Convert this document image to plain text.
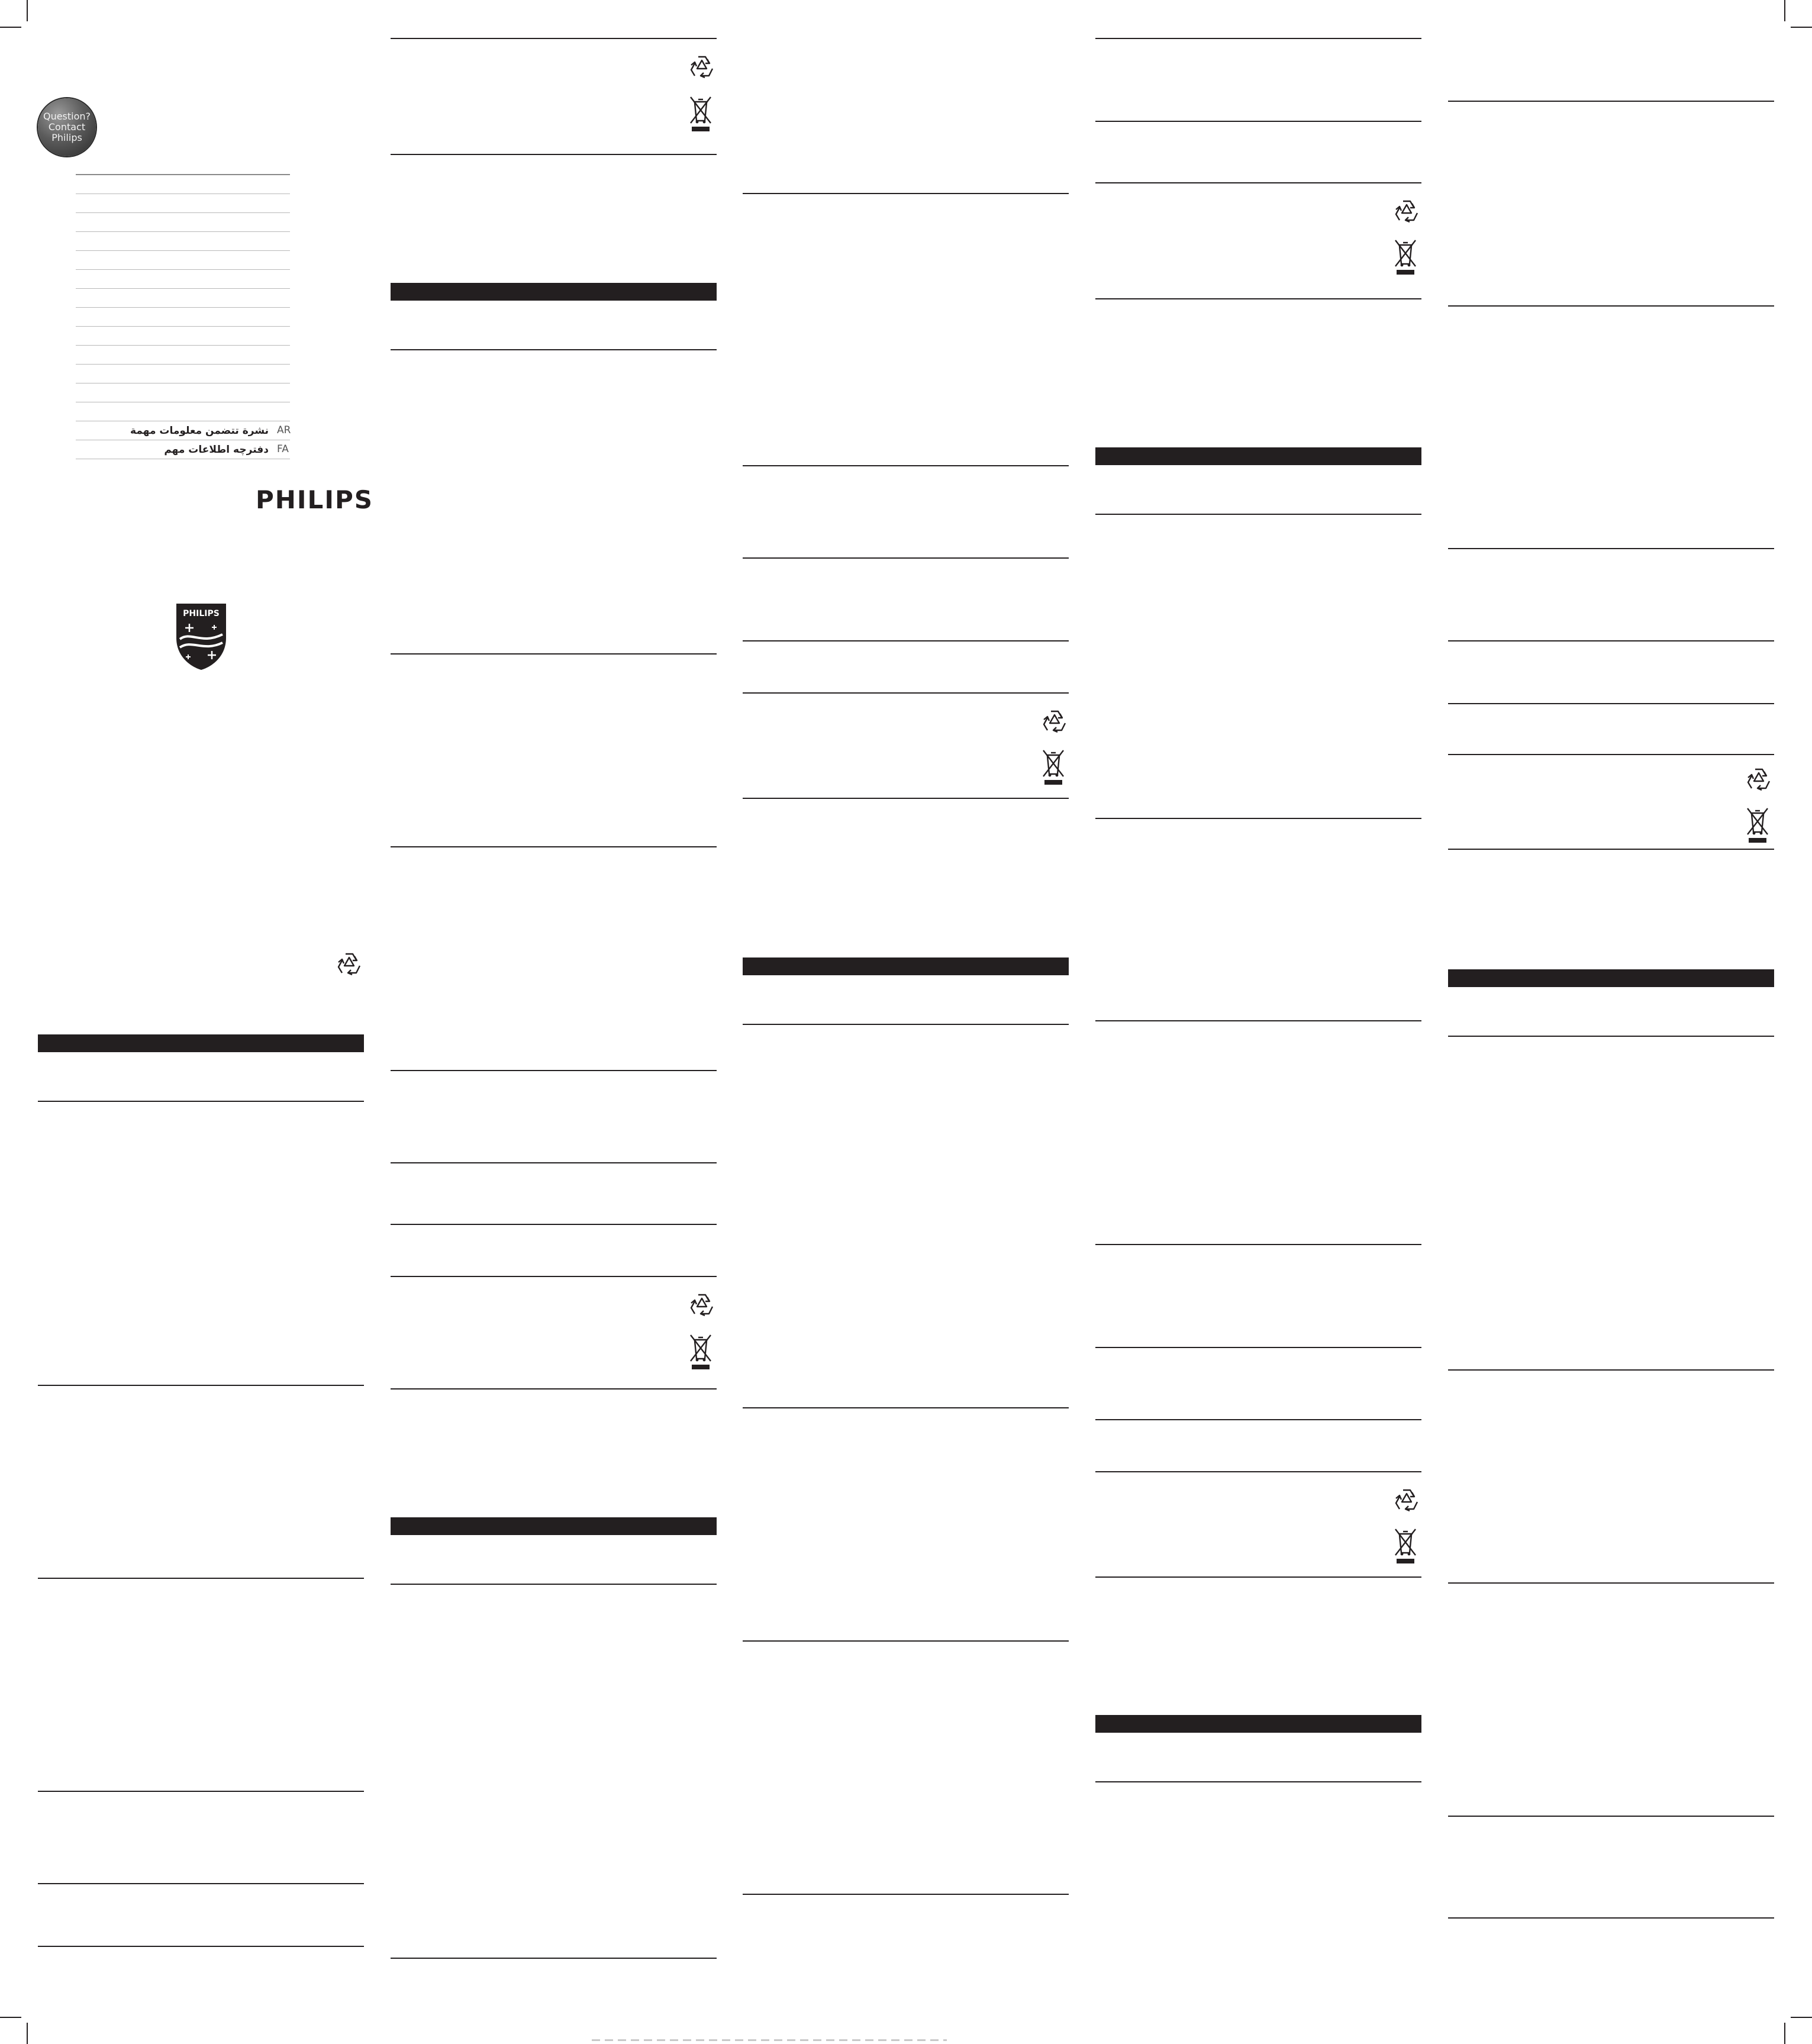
Question?
Contact
Philips
AR
نشرة تتضمن معلومات مهمة
FA
دفترچه اطلاعات مهم
PHILIPS
PHILIPS
